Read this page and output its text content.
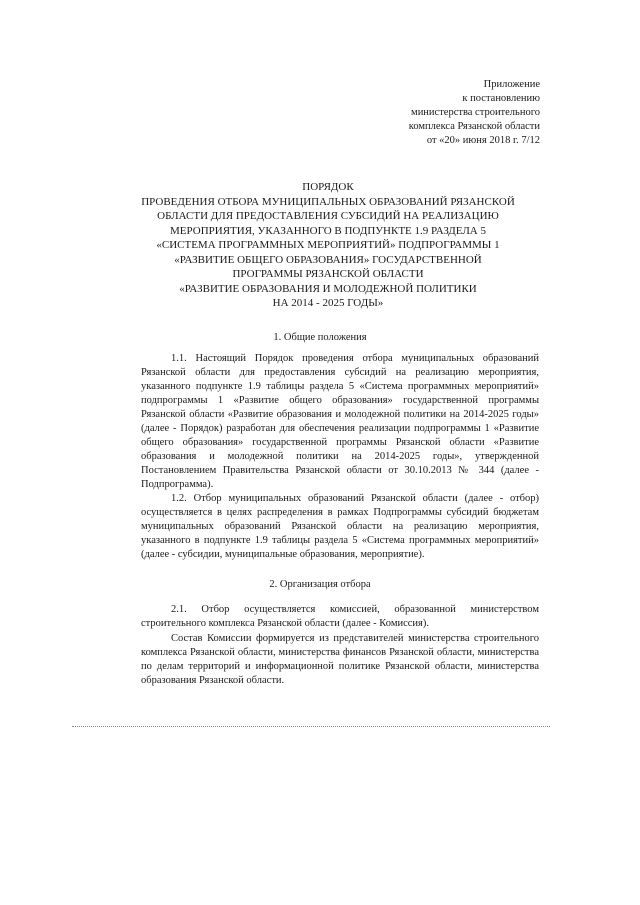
Приложение
к постановлению
министерства строительного
комплекса Рязанской области
от «20» июня 2018 г. 7/12
ПОРЯДОК
ПРОВЕДЕНИЯ ОТБОРА МУНИЦИПАЛЬНЫХ ОБРАЗОВАНИЙ РЯЗАНСКОЙ
ОБЛАСТИ ДЛЯ ПРЕДОСТАВЛЕНИЯ СУБСИДИЙ НА РЕАЛИЗАЦИЮ
МЕРОПРИЯТИЯ, УКАЗАННОГО В ПОДПУНКТЕ 1.9 РАЗДЕЛА 5
«СИСТЕМА ПРОГРАММНЫХ МЕРОПРИЯТИЙ» ПОДПРОГРАММЫ 1
«РАЗВИТИЕ ОБЩЕГО ОБРАЗОВАНИЯ» ГОСУДАРСТВЕННОЙ
ПРОГРАММЫ РЯЗАНСКОЙ ОБЛАСТИ
«РАЗВИТИЕ ОБРАЗОВАНИЯ И МОЛОДЕЖНОЙ ПОЛИТИКИ
НА 2014 - 2025 ГОДЫ»
1. Общие положения

1.1. Настоящий Порядок проведения отбора муниципальных образований Рязанской области для предоставления субсидий на реализацию мероприятия, указанного подпункте 1.9 таблицы раздела 5 «Система программных мероприятий» подпрограммы 1 «Развитие общего образования» государственной программы Рязанской области «Развитие образования и молодежной политики на 2014-2025 годы» (далее - Порядок) разработан для обеспечения реализации подпрограммы 1 «Развитие общего образования» государственной программы Рязанской области «Развитие образования и молодежной политики на 2014-2025 годы», утвержденной Постановлением Правительства Рязанской области от 30.10.2013 № 344 (далее - Подпрограмма).

1.2. Отбор муниципальных образований Рязанской области (далее - отбор) осуществляется в целях распределения в рамках Подпрограммы субсидий бюджетам муниципальных образований Рязанской области на реализацию мероприятия, указанного в подпункте 1.9 таблицы раздела 5 «Система программных мероприятий» (далее - субсидии, муниципальные образования, мероприятие).

2. Организация отбора

2.1. Отбор осуществляется комиссией, образованной министерством строительного комплекса Рязанской области (далее - Комиссия).

Состав Комиссии формируется из представителей министерства строительного комплекса Рязанской области, министерства финансов Рязанской области, министерства по делам территорий и информационной политике Рязанской области, министерства образования Рязанской области.
